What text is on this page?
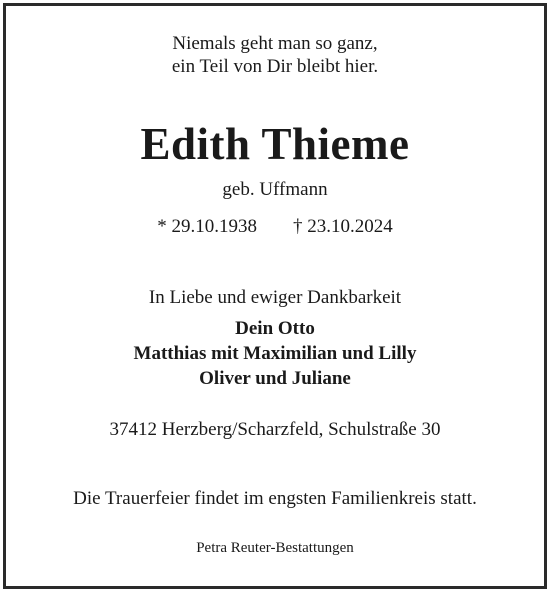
Niemals geht man so ganz,
ein Teil von Dir bleibt hier.
Edith Thieme
geb. Uffmann
* 29.10.1938 † 23.10.2024
In Liebe und ewiger Dankbarkeit
Dein Otto
Matthias mit Maximilian und Lilly
Oliver und Juliane
37412 Herzberg/Scharzfeld, Schulstraße 30
Die Trauerfeier findet im engsten Familienkreis statt.
Petra Reuter-Bestattungen
